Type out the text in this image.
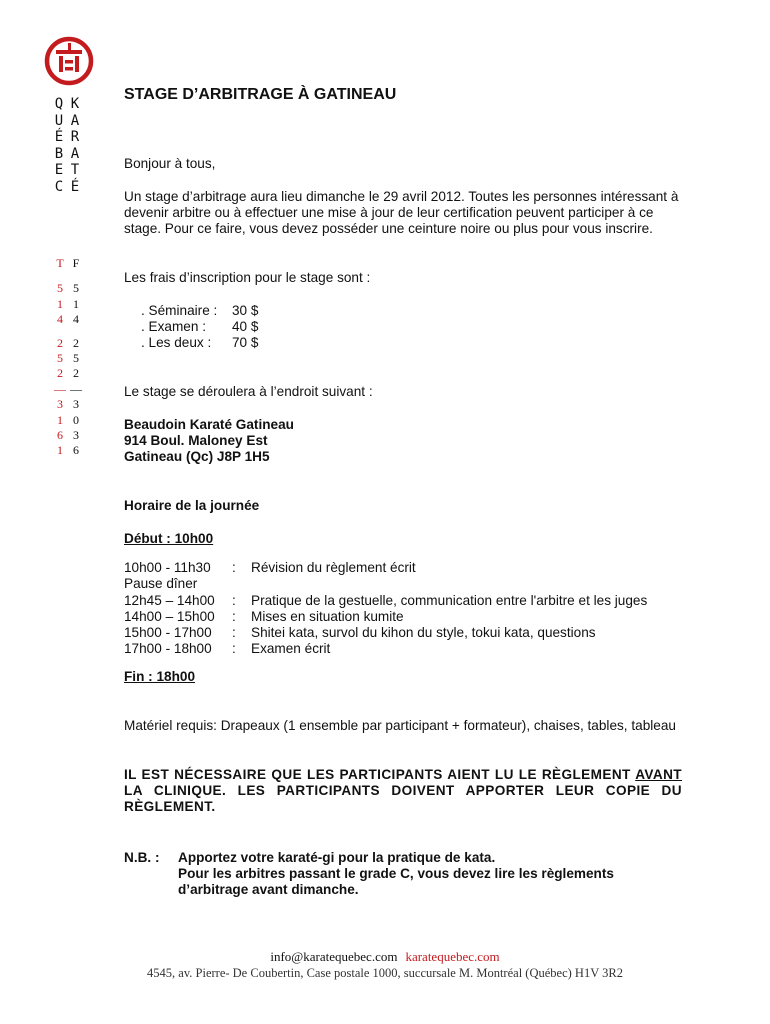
K
A
R
A
T
É
Q
U
É
B
E
C
T
5
1
4
2
5
2
—
3
1
6
1
F
5
1
4
2
5
2
—
3
0
3
6
STAGE D’ARBITRAGE À GATINEAU
Bonjour à tous,
Un stage d’arbitrage aura lieu dimanche le 29 avril 2012. Toutes les personnes intéressant à devenir arbitre ou à effectuer une mise à jour de leur certification peuvent participer à ce stage. Pour ce faire, vous devez posséder une ceinture noire ou plus pour vous inscrire.
Les frais d’inscription pour le stage sont :
. Séminaire : 30 $
. Examen : 40 $
. Les deux : 70 $
Le stage se déroulera à l’endroit suivant :
Beaudoin Karaté Gatineau
914 Boul. Maloney Est
Gatineau (Qc) J8P 1H5
Horaire de la journée
Début : 10h00
10h00 - 11h30 : Révision du règlement écrit
Pause dîner
12h45 – 14h00 : Pratique de la gestuelle, communication entre l'arbitre et les juges
14h00 – 15h00 : Mises en situation kumite
15h00 - 17h00 : Shitei kata, survol du kihon du style, tokui kata, questions
17h00 - 18h00 : Examen écrit
Fin : 18h00
Matériel requis: Drapeaux (1 ensemble par participant + formateur), chaises, tables, tableau
IL EST NÉCESSAIRE QUE LES PARTICIPANTS AIENT LU LE RÈGLEMENT AVANT LA CLINIQUE. LES PARTICIPANTS DOIVENT APPORTER LEUR COPIE DU RÈGLEMENT.
N.B. : Apportez votre karaté-gi pour la pratique de kata.
Pour les arbitres passant le grade C, vous devez lire les règlements d’arbitrage avant dimanche.
info@karatequebec.com karatequebec.com
4545, av. Pierre- De Coubertin, Case postale 1000, succursale M. Montréal (Québec) H1V 3R2
